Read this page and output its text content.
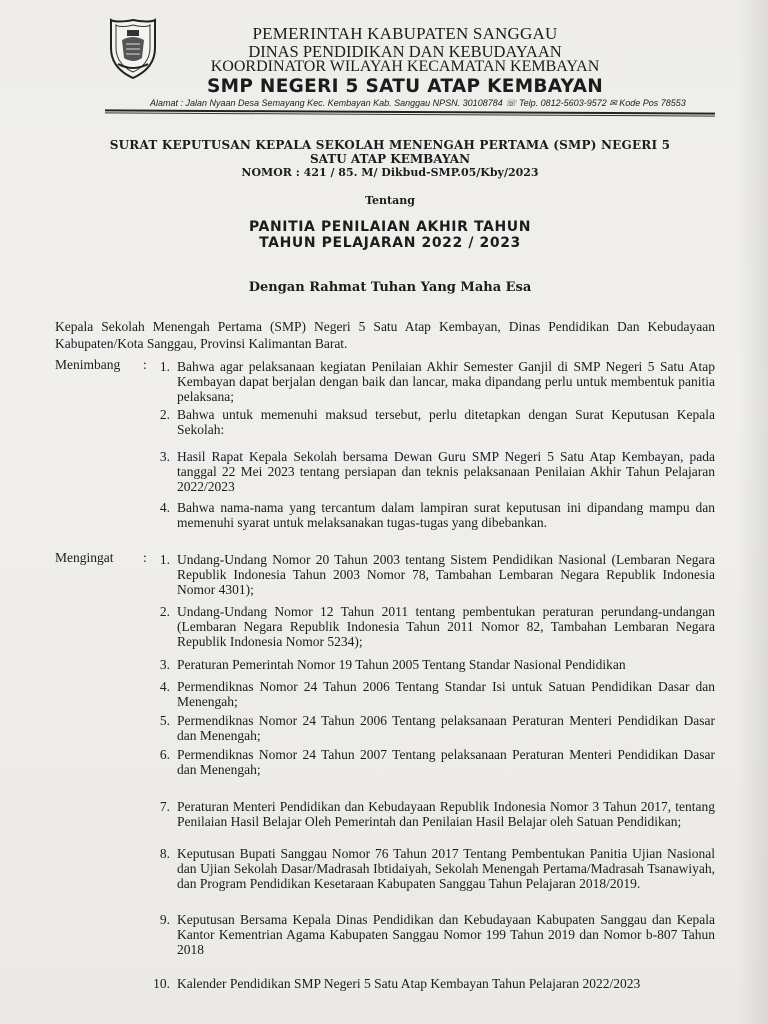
PEMERINTAH KABUPATEN SANGGAU
DINAS PENDIDIKAN DAN KEBUDAYAAN
KOORDINATOR WILAYAH KECAMATAN KEMBAYAN
SMP NEGERI 5 SATU ATAP KEMBAYAN
Alamat : Jalan Nyaan Desa Semayang Kec. Kembayan Kab. Sanggau NPSN. 30108784 ☏ Telp. 0812-5603-9572 ✉ Kode Pos 78553
SURAT KEPUTUSAN KEPALA SEKOLAH MENENGAH PERTAMA (SMP) NEGERI 5
SATU ATAP KEMBAYAN
NOMOR : 421 / 85. M/ Dikbud-SMP.05/Kby/2023
Tentang
PANITIA PENILAIAN AKHIR TAHUN
TAHUN PELAJARAN 2022 / 2023
Dengan Rahmat Tuhan Yang Maha Esa
Kepala Sekolah Menengah Pertama (SMP) Negeri 5 Satu Atap Kembayan, Dinas Pendidikan Dan Kebudayaan Kabupaten/Kota Sanggau, Provinsi Kalimantan Barat.
Menimbang : 1. Bahwa agar pelaksanaan kegiatan Penilaian Akhir Semester Ganjil di SMP Negeri 5 Satu Atap Kembayan dapat berjalan dengan baik dan lancar, maka dipandang perlu untuk membentuk panitia pelaksana;
2. Bahwa untuk memenuhi maksud tersebut, perlu ditetapkan dengan Surat Keputusan Kepala Sekolah:
3. Hasil Rapat Kepala Sekolah bersama Dewan Guru SMP Negeri 5 Satu Atap Kembayan, pada tanggal 22 Mei 2023 tentang persiapan dan teknis pelaksanaan Penilaian Akhir Tahun Pelajaran 2022/2023
4. Bahwa nama-nama yang tercantum dalam lampiran surat keputusan ini dipandang mampu dan memenuhi syarat untuk melaksanakan tugas-tugas yang dibebankan.
Mengingat : 1. Undang-Undang Nomor 20 Tahun 2003 tentang Sistem Pendidikan Nasional (Lembaran Negara Republik Indonesia Tahun 2003 Nomor 78, Tambahan Lembaran Negara Republik Indonesia Nomor 4301);
2. Undang-Undang Nomor 12 Tahun 2011 tentang pembentukan peraturan perundang-undangan (Lembaran Negara Republik Indonesia Tahun 2011 Nomor 82, Tambahan Lembaran Negara Republik Indonesia Nomor 5234);
3. Peraturan Pemerintah Nomor 19 Tahun 2005 Tentang Standar Nasional Pendidikan
4. Permendiknas Nomor 24 Tahun 2006 Tentang Standar Isi untuk Satuan Pendidikan Dasar dan Menengah;
5. Permendiknas Nomor 24 Tahun 2006 Tentang pelaksanaan Peraturan Menteri Pendidikan Dasar dan Menengah;
6. Permendiknas Nomor 24 Tahun 2007 Tentang pelaksanaan Peraturan Menteri Pendidikan Dasar dan Menengah;
7. Peraturan Menteri Pendidikan dan Kebudayaan Republik Indonesia Nomor 3 Tahun 2017, tentang Penilaian Hasil Belajar Oleh Pemerintah dan Penilaian Hasil Belajar oleh Satuan Pendidikan;
8. Keputusan Bupati Sanggau Nomor 76 Tahun 2017 Tentang Pembentukan Panitia Ujian Nasional dan Ujian Sekolah Dasar/Madrasah Ibtidaiyah, Sekolah Menengah Pertama/Madrasah Tsanawiyah, dan Program Pendidikan Kesetaraan Kabupaten Sanggau Tahun Pelajaran 2018/2019.
9. Keputusan Bersama Kepala Dinas Pendidikan dan Kebudayaan Kabupaten Sanggau dan Kepala Kantor Kementrian Agama Kabupaten Sanggau Nomor 199 Tahun 2019 dan Nomor b-807 Tahun 2018
10. Kalender Pendidikan SMP Negeri 5 Satu Atap Kembayan Tahun Pelajaran 2022/2023
